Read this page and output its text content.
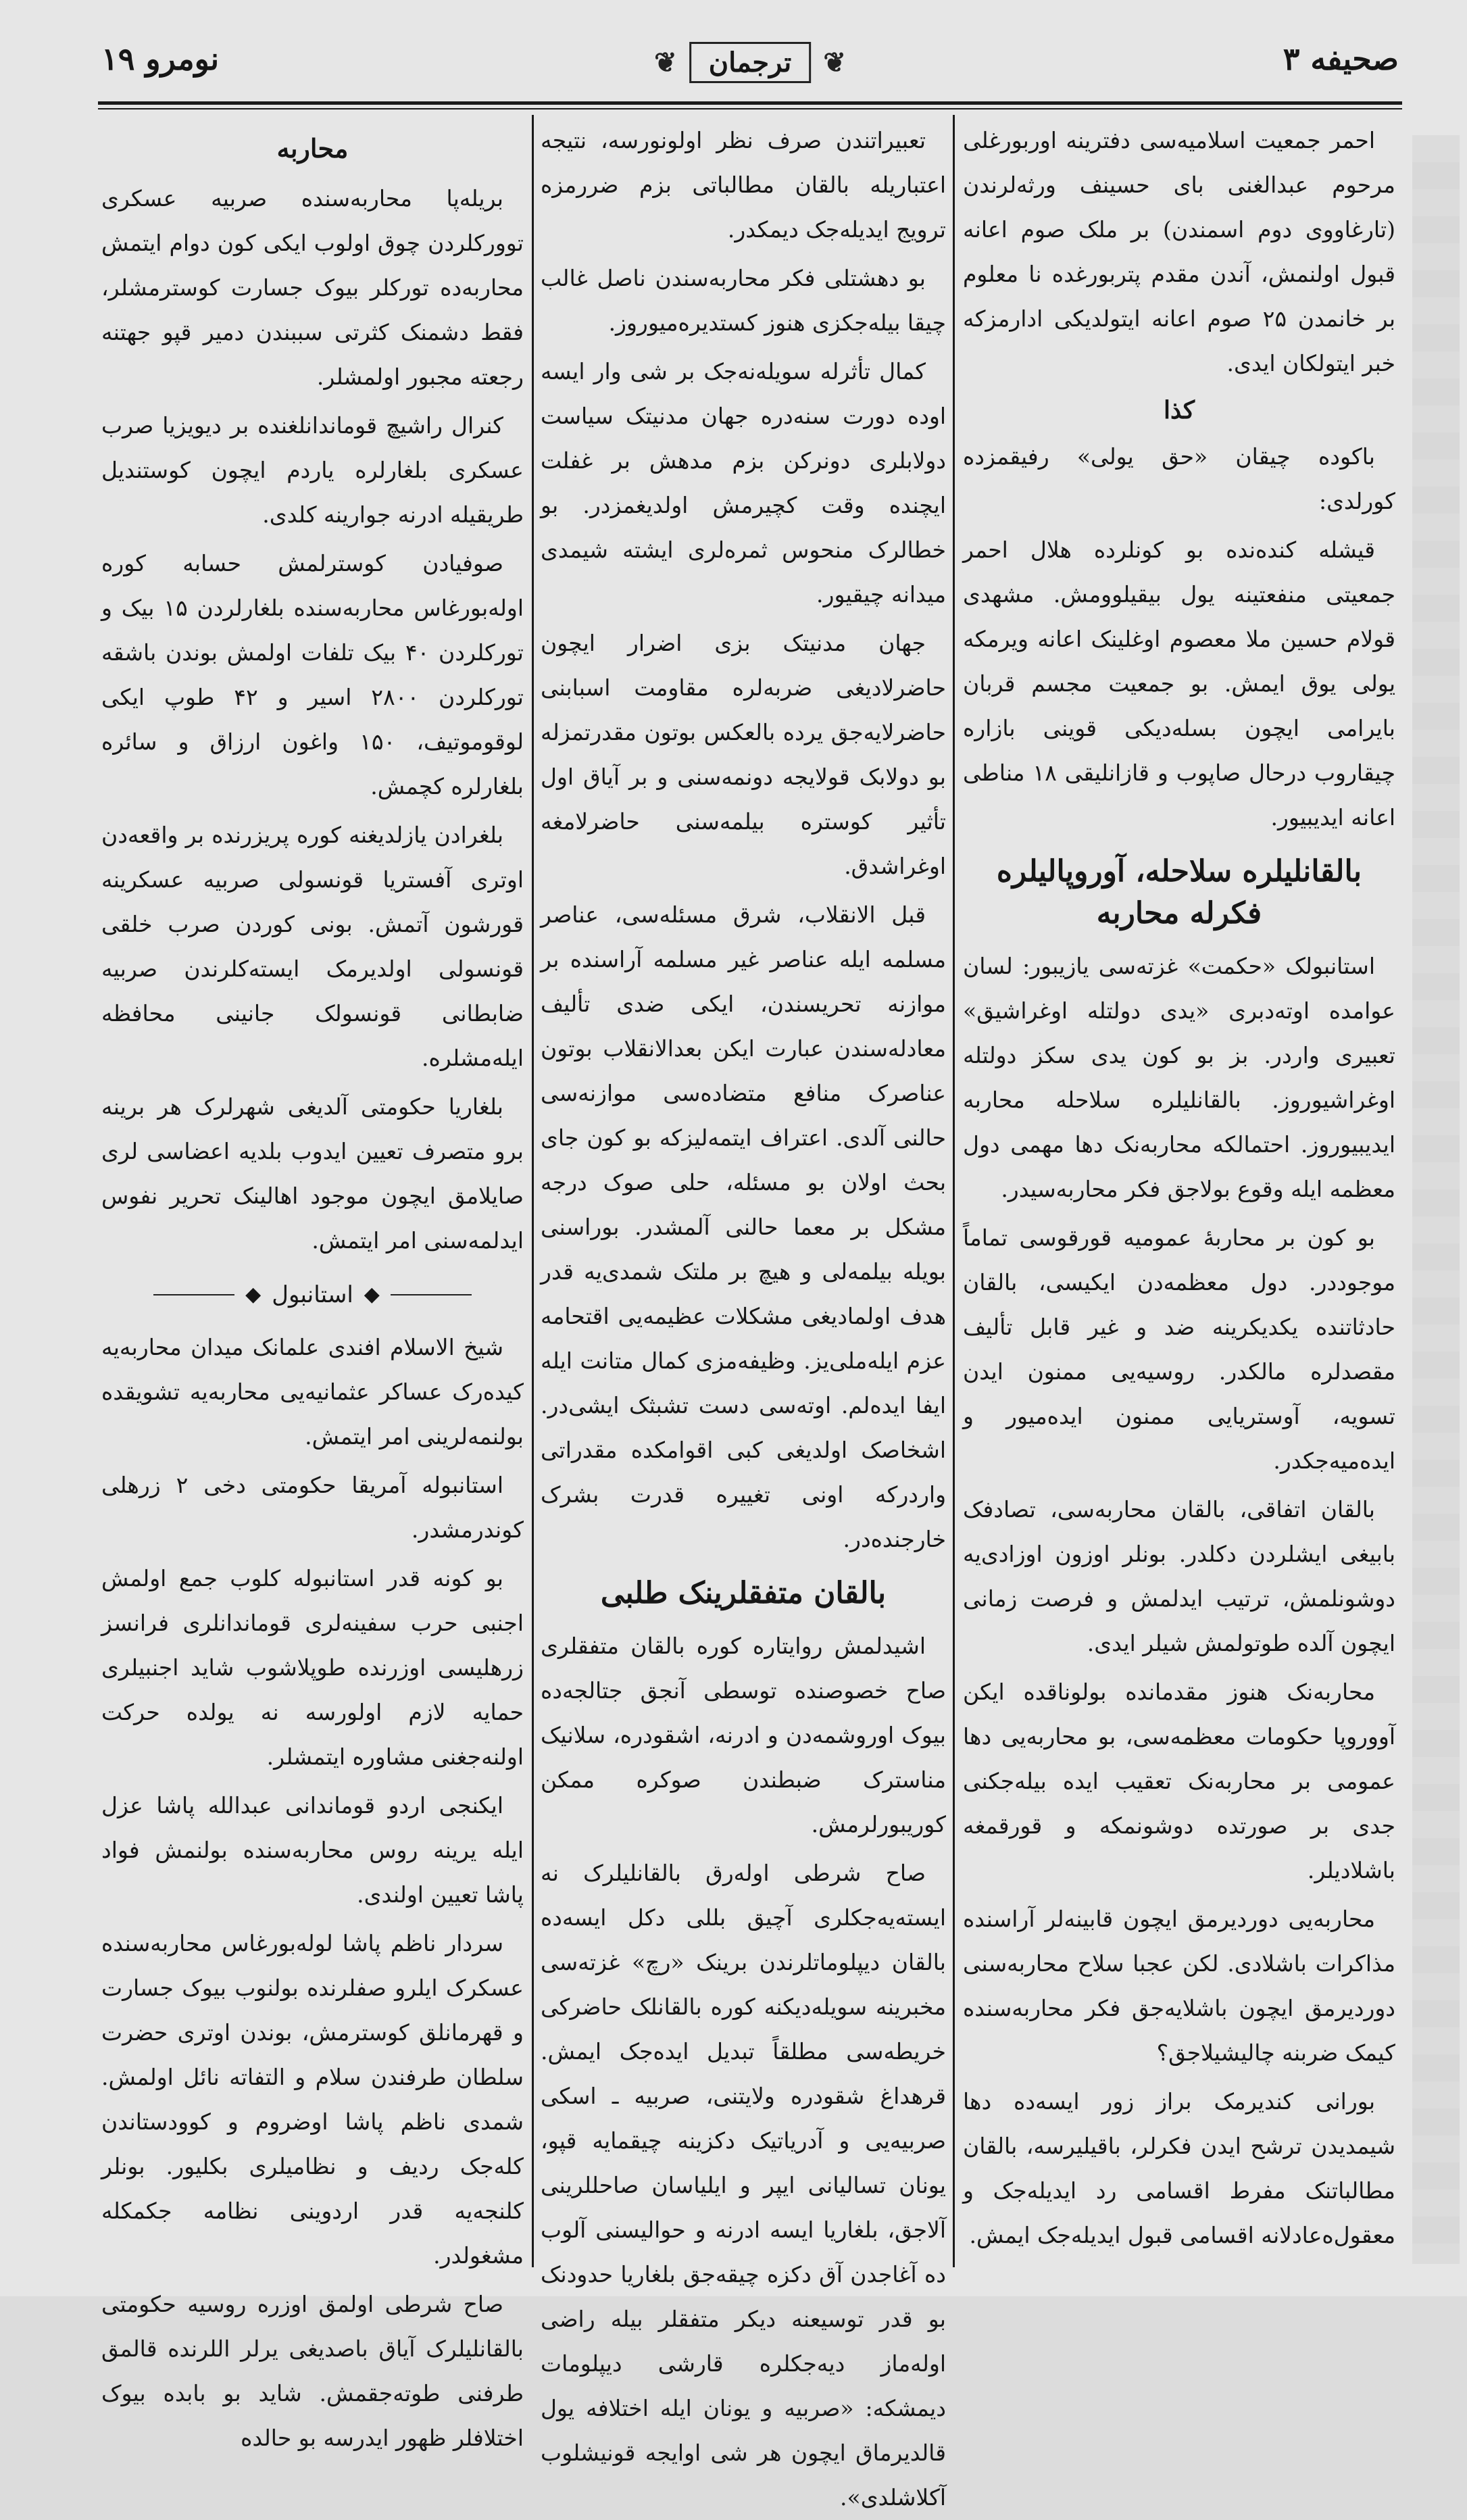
صحیفه ۳
❦
ترجمان
❦
نومرو ۱۹

احمر جمعیت اسلامیه‌سی دفترینه اوربورغلی مرحوم عبدالغنی بای حسینف ورثه‌لرندن (تارغاووی دوم اسمندن) بر ملک صوم اعانه قبول اولنمش، آندن مقدم پتربورغده نا معلوم بر خانمدن ۲۵ صوم اعانه ایتولدیکی ادارمزکه خبر ایتولکان ایدی.

کذا

باکوده چیقان «حق یولی» رفیقمزده کورلدی:

قیشله کنده‌نده بو کونلرده هلال احمر جمعیتی منفعتینه یول بیقیلوومش. مشهدی قولام حسین ملا معصوم اوغلینک اعانه ویرمکه یولی یوق ایمش. بو جمعیت مجسم قربان بایرامی ایچون بسله‌دیکی قوینی بازاره چیقاروب درحال صاپوب و قازانلیقی ۱۸ مناطی اعانه ایدیبیور.

بالقانلیلره سلاحله، آوروپالیلره فکرله محاربه

استانبولک «حکمت» غزته‌سی یازیبور: لسان عوامده اوته‌دبری «یدی دولتله اوغراشیق» تعبیری واردر. بز بو کون یدی سکز دولتله اوغراشیوروز. بالقانلیلره سلاحله محاربه ایدیبیوروز. احتمالکه محاربه‌نک دها مهمی دول معظمه ایله وقوع بولاجق فکر محاربه‌سیدر.

بو کون بر محاربهٔ عمومیه قورقوسی تماماً موجوددر. دول معظمه‌دن ایکیسی، بالقان حادثاتنده یکدیکرینه ضد و غیر قابل تألیف مقصدلره مالکدر. روسیه‌یی ممنون ایدن تسویه، آوستریایی ممنون ایده‌میور و ایده‌میه‌جکدر.

بالقان اتفاقی، بالقان محاربه‌سی، تصادفک بابیغی ایشلردن دکلدر. بونلر اوزون اوزادی‌یه دوشونلمش، ترتیب ایدلمش و فرصت زمانی ایچون آلده طوتولمش شیلر ایدی.

محاربه‌نک هنوز مقدمانده بولوناقده ایکن آووروپا حکومات معظمه‌سی، بو محاربه‌یی دها عمومی بر محاربه‌نک تعقیب ایده بیله‌جکنی جدی بر صورتده دوشونمکه و قورقمغه باشلادیلر.

محاربه‌یی دوردیرمق ایچون قابینه‌لر آراسنده مذاکرات باشلادی. لکن عجبا سلاح محاربه‌سنی دوردیرمق ایچون باشلایه‌جق فکر محاربه‌سنده کیمک ضربنه چالیشیلاجق؟

بورانی کندیرمک براز زور ایسه‌ده دها شیمدیدن ترشح ایدن فکرلر، باقیلیرسه، بالقان مطالباتنک مفرط اقسامی رد ایدیله‌جک و معقول‌ه‌عادلانه اقسامی قبول ایدیله‌جک ایمش.

تعبیراتندن صرف نظر اولونورسه، نتیجه اعتباریله بالقان مطالباتی بزم ضررمزه ترویج ایدیله‌جک دیمکدر.

بو دهشتلی فکر محاربه‌سندن ناصل غالب چیقا بیله‌جکزی هنوز کستدیره‌میوروز.

کمال تأثرله سویله‌نه‌جک بر شی وار ایسه اوده دورت سنه‌دره جهان مدنیتک سیاست دولابلری دونرکن بزم مدهش بر غفلت ایچنده وقت کچیرمش اولدیغمزدر. بو خطالرک منحوس ثمره‌لری ایشته شیمدی میدانه چیقیور.

جهان مدنیتک بزی اضرار ایچون حاضرلادیغی ضربه‌لره مقاومت اسبابنی حاضرلایه‌جق یرده بالعکس بوتون مقدرتمزله بو دولابک قولایجه دونمه‌سنی و بر آیاق اول تأثیر کوستره بیلمه‌سنی حاضرلامغه اوغراشدق.

قبل الانقلاب، شرق مسئله‌سی، عناصر مسلمه ایله عناصر غیر مسلمه آراسنده بر موازنه تحریسندن، ایکی ضدی تألیف معادله‌سندن عبارت ایکن بعدالانقلاب بوتون عناصرک منافع متضاده‌سی موازنه‌سی حالنی آلدی. اعتراف ایتمه‌لیزکه بو کون جای بحث اولان بو مسئله، حلی صوک درجه مشکل بر معما حالنی آلمشدر. بوراسنی بویله بیلمه‌لی و هیچ بر ملتک شمدی‌یه قدر هدف اولمادیغی مشکلات عظیمه‌یی اقتحامه عزم ایله‌ملی‌یز. وظیفه‌مزی کمال متانت ایله ایفا ایده‌لم. اوته‌سی دست تشبثک ایشی‌در. اشخاصک اولدیغی کبی اقوامکده مقدراتی واردرکه اونی تغییره قدرت بشرک خارجنده‌در.

بالقان متفقلرینک طلبی

اشیدلمش روایتاره کوره بالقان متفقلری صاح خصوصنده توسطی آنجق جتالجه‌ده بیوک اوروشمه‌دن و ادرنه، اشقودره، سلانیک مناسترک ضبطندن صوکره ممکن کوریبورلرمش.

صاح شرطی اوله‌رق بالقانلیلرک نه ایسته‌یه‌جکلری آچیق بللی دکل ایسه‌ده بالقان دیپلوماتلرندن برینک «رچ» غزته‌سی مخبرینه سویله‌دیکنه کوره بالقانلک حاضرکی خریطه‌سی مطلقاً تبدیل ایده‌جک ایمش. قرهداغ شقودره ولایتنی، صربیه ـ اسکی صربیه‌یی و آدریاتیک دکزینه چیقمایه قپو، یونان تسالیانی ایپر و ایلیاسان صاحللرینی آلاجق، بلغاریا ایسه ادرنه و حوالیسنی آلوب ده آغاجدن آق دکزه چیقه‌جق بلغاریا حدودنک بو قدر توسیعنه دیکر متفقلر بیله راضی اوله‌ماز دیه‌جکلره قارشی دیپلومات دیمشکه: «صربیه و یونان ایله اختلافه یول قالدیرماق ایچون هر شی اوایجه قونیشلوب آکلاشلدی».

محاربه

بریله‌پا محاربه‌سنده صربیه عسکری توورکلردن چوق اولوب ایکی کون دوام ایتمش محاربه‌ده تورکلر بیوک جسارت کوسترمشلر، فقط دشمنک کثرتی سببندن دمیر قپو جهتنه رجعته مجبور اولمشلر.

کنرال راشیچ قوماندانلغنده بر دیویزیا صرب عسکری بلغارلره یاردم ایچون کوستندیل طریقیله ادرنه جوارینه کلدی.

صوفیادن کوسترلمش حسابه کوره اوله‌بورغاس محاربه‌سنده بلغارلردن ۱۵ بیک و تورکلردن ۴۰ بیک تلفات اولمش بوندن باشقه تورکلردن ۲۸۰۰ اسیر و ۴۲ طوپ ایکی لوقوموتیف، ۱۵۰ واغون ارزاق و سائره بلغارلره کچمش.

بلغرادن یازلدیغنه کوره پریزرنده بر واقعه‌دن اوتری آفستریا قونسولی صربیه عسکرینه قورشون آتمش. بونی کوردن صرب خلقی قونسولی اولدیرمک ایسته‌کلرندن صربیه ضابطانی قونسولک جانینی محافظه ایله‌مشلره.

بلغاریا حکومتی آلدیغی شهرلرک هر برینه برو متصرف تعیین ایدوب بلدیه اعضاسی لری صایلامق ایچون موجود اهالینک تحریر نفوس ایدلمه‌سنی امر ایتمش.

◆
استانبول
◆

شیخ الاسلام افندی علمانک میدان محاربه‌یه کیده‌رک عساکر عثمانیه‌یی محاربه‌یه تشویقده بولنمه‌لرینی امر ایتمش.

استانبوله آمریقا حکومتی دخی ۲ زرهلی کوندرمشدر.

بو کونه قدر استانبوله کلوب جمع اولمش اجنبی حرب سفینه‌لری قوماندانلری فرانسز زرهلیسی اوزرنده طوپلاشوب شاید اجنبیلری حمایه لازم اولورسه نه یولده حرکت اولنه‌جغنی مشاوره ایتمشلر.

ایکنجی اردو قوماندانی عبدالله پاشا عزل ایله یرینه روس محاربه‌سنده بولنمش فواد پاشا تعیین اولندی.

سردار ناظم پاشا لوله‌بورغاس محاربه‌سنده عسکرک ایلرو صفلرنده بولنوب بیوک جسارت و قهرمانلق کوسترمش، بوندن اوتری حضرت سلطان طرفندن سلام و التفاته نائل اولمش. شمدی ناظم پاشا اوضروم و کوودستاندن کله‌جک ردیف و نظامیلری بکلیور. بونلر کلنجه‌یه قدر اردوینی نظامه جکمکله مشغولدر.

صاح شرطی اولمق اوزره روسیه حکومتی بالقانلیلرک آیاق باصدیغی یرلر اللرنده قالمق طرفنی طوته‌جقمش. شاید بو بابده بیوک اختلافلر ظهور ایدرسه بو حالده
